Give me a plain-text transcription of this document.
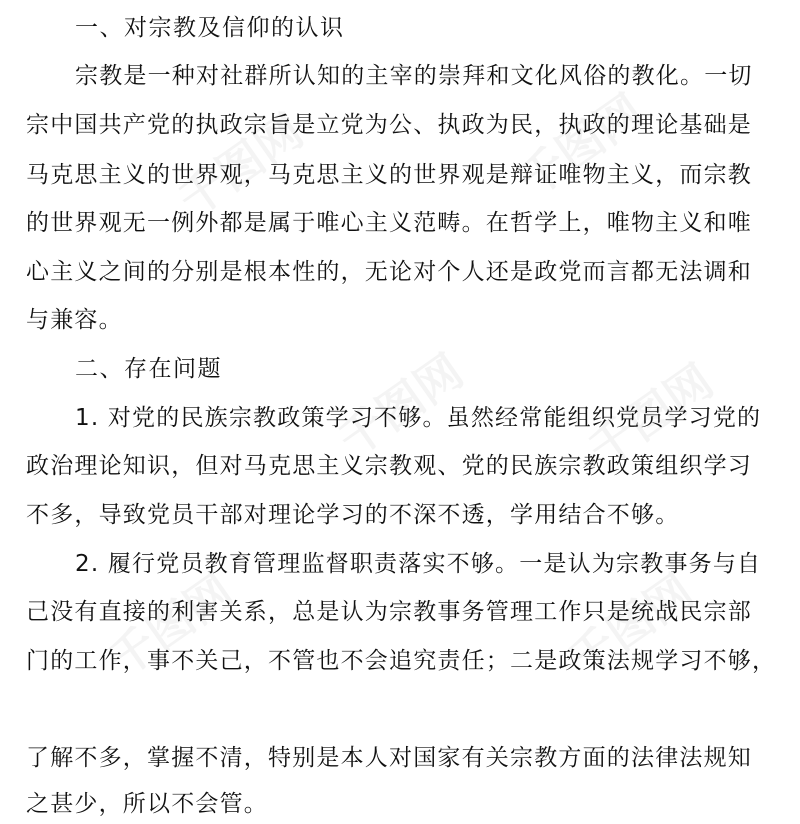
千图网	千图网
千图网 千图网
千图网	千图网
一、对宗教及信仰的认识
宗教是一种对社群所认知的主宰的崇拜和文化风俗的教化。一切
宗中国共产党的执政宗旨是立党为公、执政为民，执政的理论基础是
马克思主义的世界观，马克思主义的世界观是辩证唯物主义，而宗教
的世界观无一例外都是属于唯心主义范畴。在哲学上，唯物主义和唯
心主义之间的分别是根本性的，无论对个人还是政党而言都无法调和
与兼容。
二、存在问题
1. 对党的民族宗教政策学习不够。虽然经常能组织党员学习党的
政治理论知识，但对马克思主义宗教观、党的民族宗教政策组织学习
不多，导致党员干部对理论学习的不深不透，学用结合不够。
2. 履行党员教育管理监督职责落实不够。一是认为宗教事务与自
己没有直接的利害关系，总是认为宗教事务管理工作只是统战民宗部
门的工作，事不关己，不管也不会追究责任；二是政策法规学习不够，
了解不多，掌握不清，特别是本人对国家有关宗教方面的法律法规知
之甚少，所以不会管。
